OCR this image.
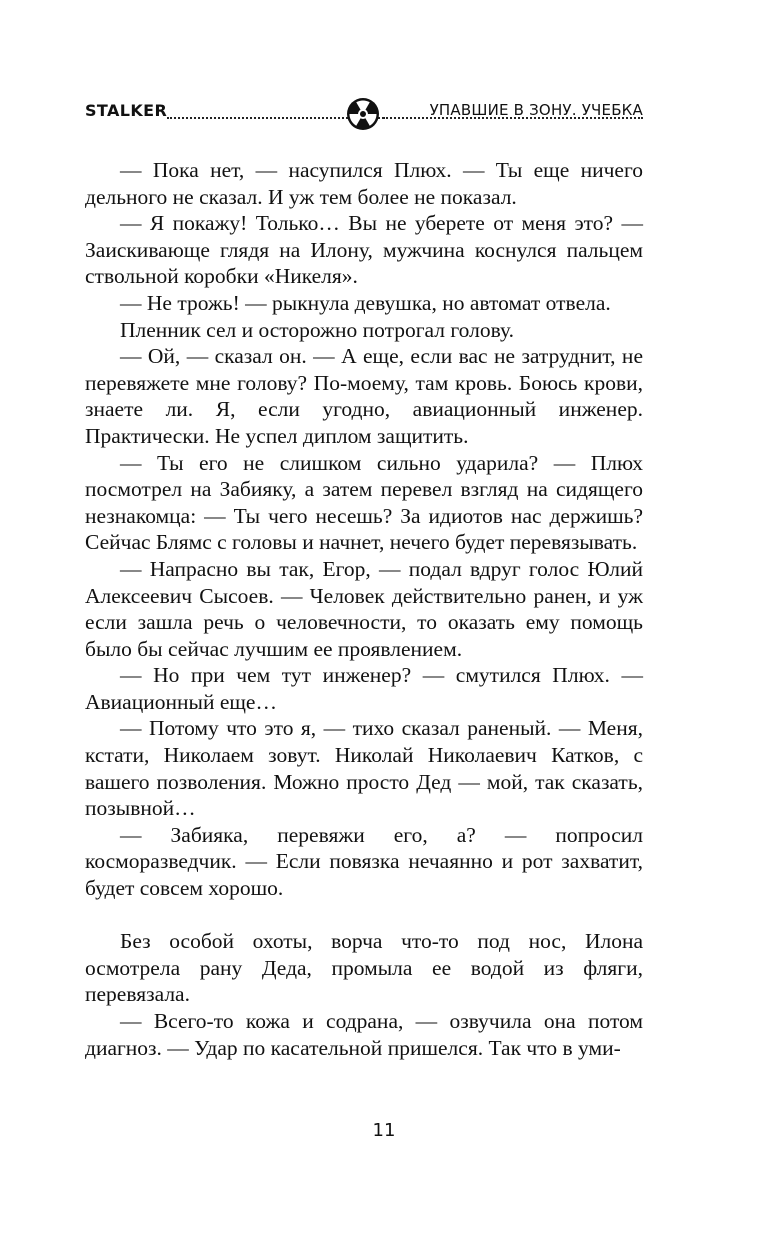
STALKER	УПАВШИЕ В ЗОНУ. УЧЕБКА

— Пока нет, — насупился Плюх. — Ты еще ничего дельного не сказал. И уж тем более не показал.

— Я покажу! Только… Вы не уберете от меня это? — Заискивающе глядя на Илону, мужчина коснулся пальцем ствольной коробки «Никеля».

— Не трожь! — рыкнула девушка, но автомат отвела.

Пленник сел и осторожно потрогал голову.

— Ой, — сказал он. — А еще, если вас не затруднит, не перевяжете мне голову? По-моему, там кровь. Боюсь крови, знаете ли. Я, если угодно, авиационный инженер. Практически. Не успел диплом защитить.

— Ты его не слишком сильно ударила? — Плюх посмотрел на Забияку, а затем перевел взгляд на сидящего незнакомца: — Ты чего несешь? За идиотов нас держишь? Сейчас Блямс с головы и начнет, нечего будет перевязывать.

— Напрасно вы так, Егор, — подал вдруг голос Юлий Алексеевич Сысоев. — Человек действительно ранен, и уж если зашла речь о человечности, то оказать ему помощь было бы сейчас лучшим ее проявлением.

— Но при чем тут инженер? — смутился Плюх. — Авиационный еще…

— Потому что это я, — тихо сказал раненый. — Меня, кстати, Николаем зовут. Николай Николаевич Катков, с вашего позволения. Можно просто Дед — мой, так сказать, позывной…

— Забияка, перевяжи его, а? — попросил косморазведчик. — Если повязка нечаянно и рот захватит, будет совсем хорошо.

Без особой охоты, ворча что-то под нос, Илона осмотрела рану Деда, промыла ее водой из фляги, перевязала.

— Всего-то кожа и содрана, — озвучила она потом диагноз. — Удар по касательной пришелся. Так что в уми-

11
